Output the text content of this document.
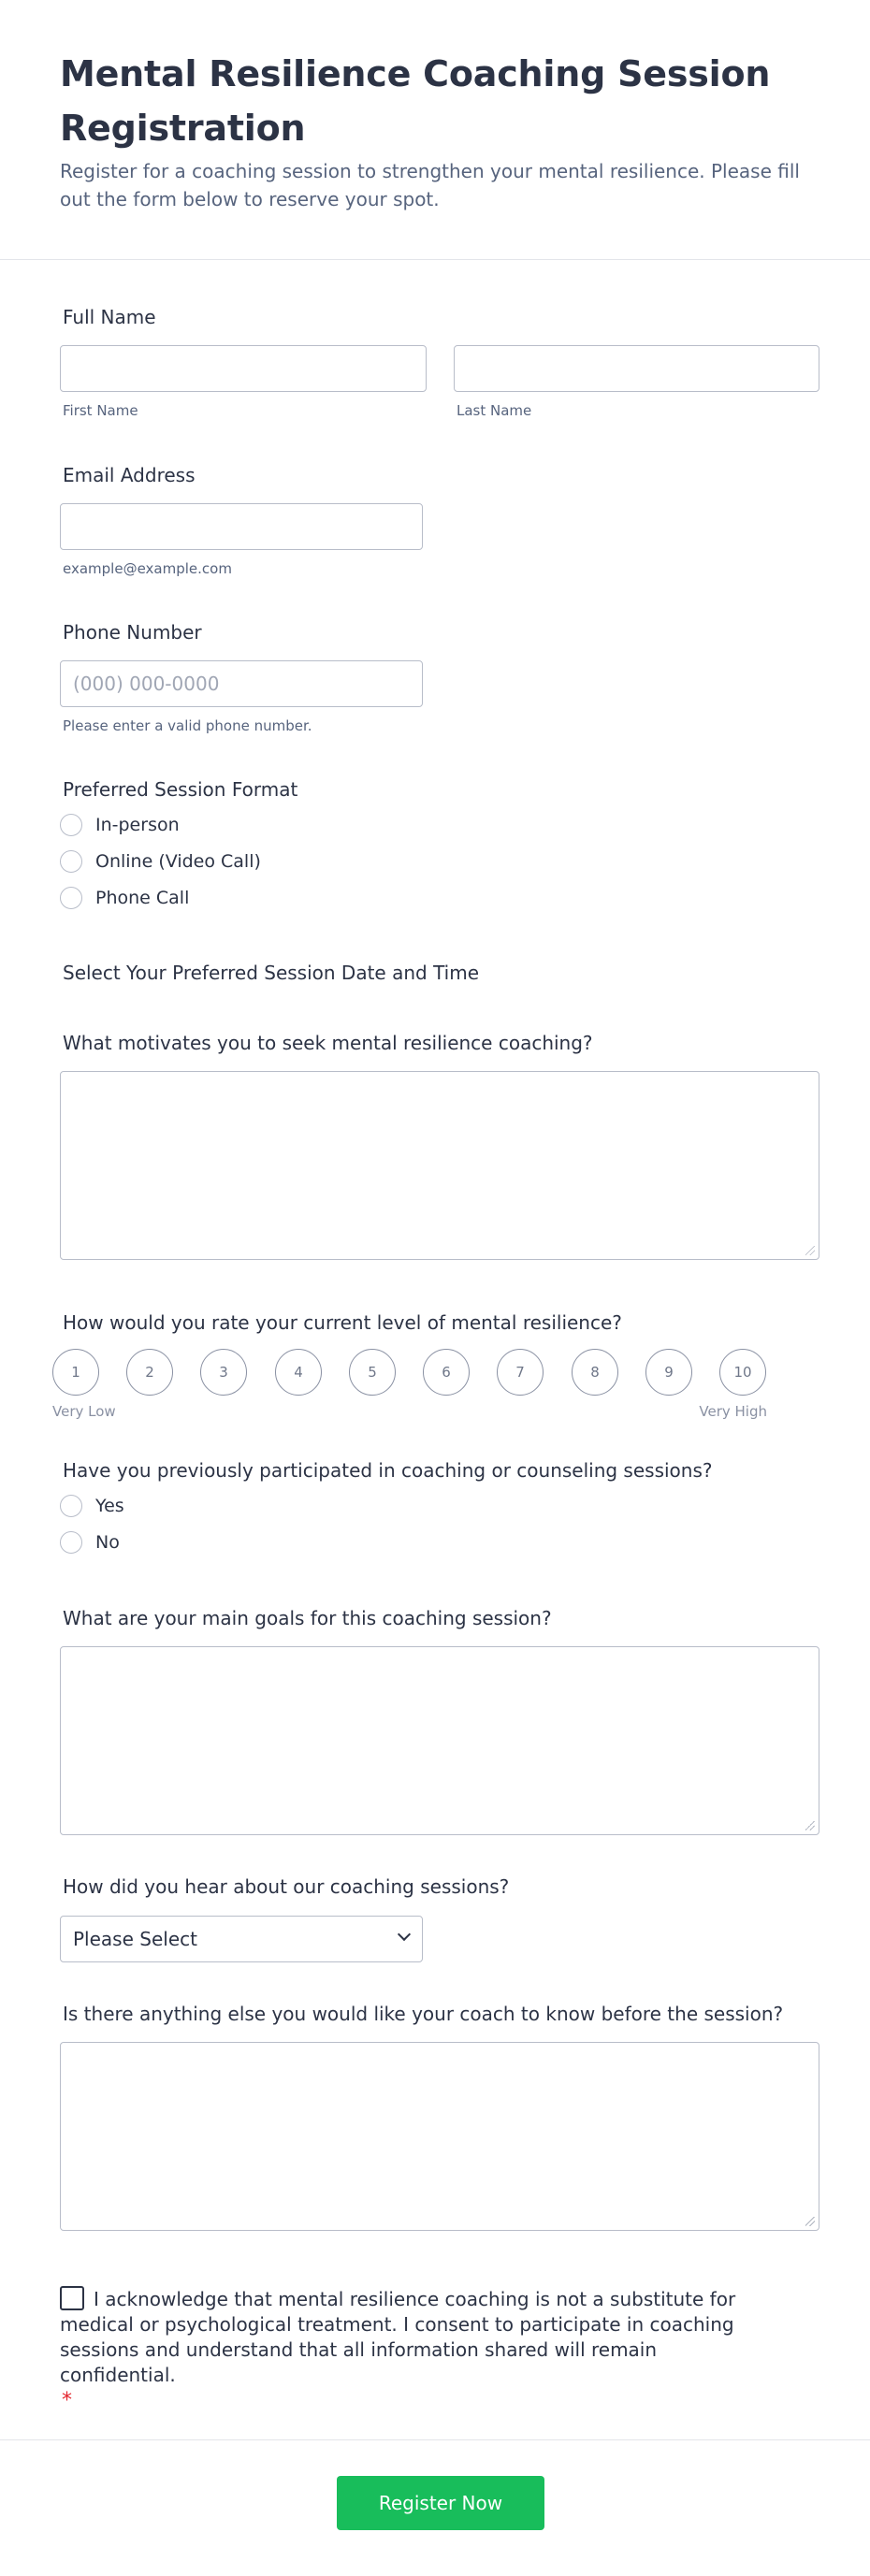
Mental Resilience Coaching Session Registration

Register for a coaching session to strengthen your mental resilience. Please fill out the form below to reserve your spot.

Full Name
First Name	Last Name
Email Address
example@example.com
Phone Number
(000) 000-0000
Please enter a valid phone number.
Preferred Session Format
In-person
Online (Video Call)
Phone Call
Select Your Preferred Session Date and Time
What motivates you to seek mental resilience coaching?
How would you rate your current level of mental resilience?
1	2	3	4	5	6	7	8	9	10
Very Low	Very High
Have you previously participated in coaching or counseling sessions?
Yes
No
What are your main goals for this coaching session?
How did you hear about our coaching sessions?
Please Select
Is there anything else you would like your coach to know before the session?
I acknowledge that mental resilience coaching is not a substitute for medical or psychological treatment. I consent to participate in coaching sessions and understand that all information shared will remain confidential.
*
Register Now
